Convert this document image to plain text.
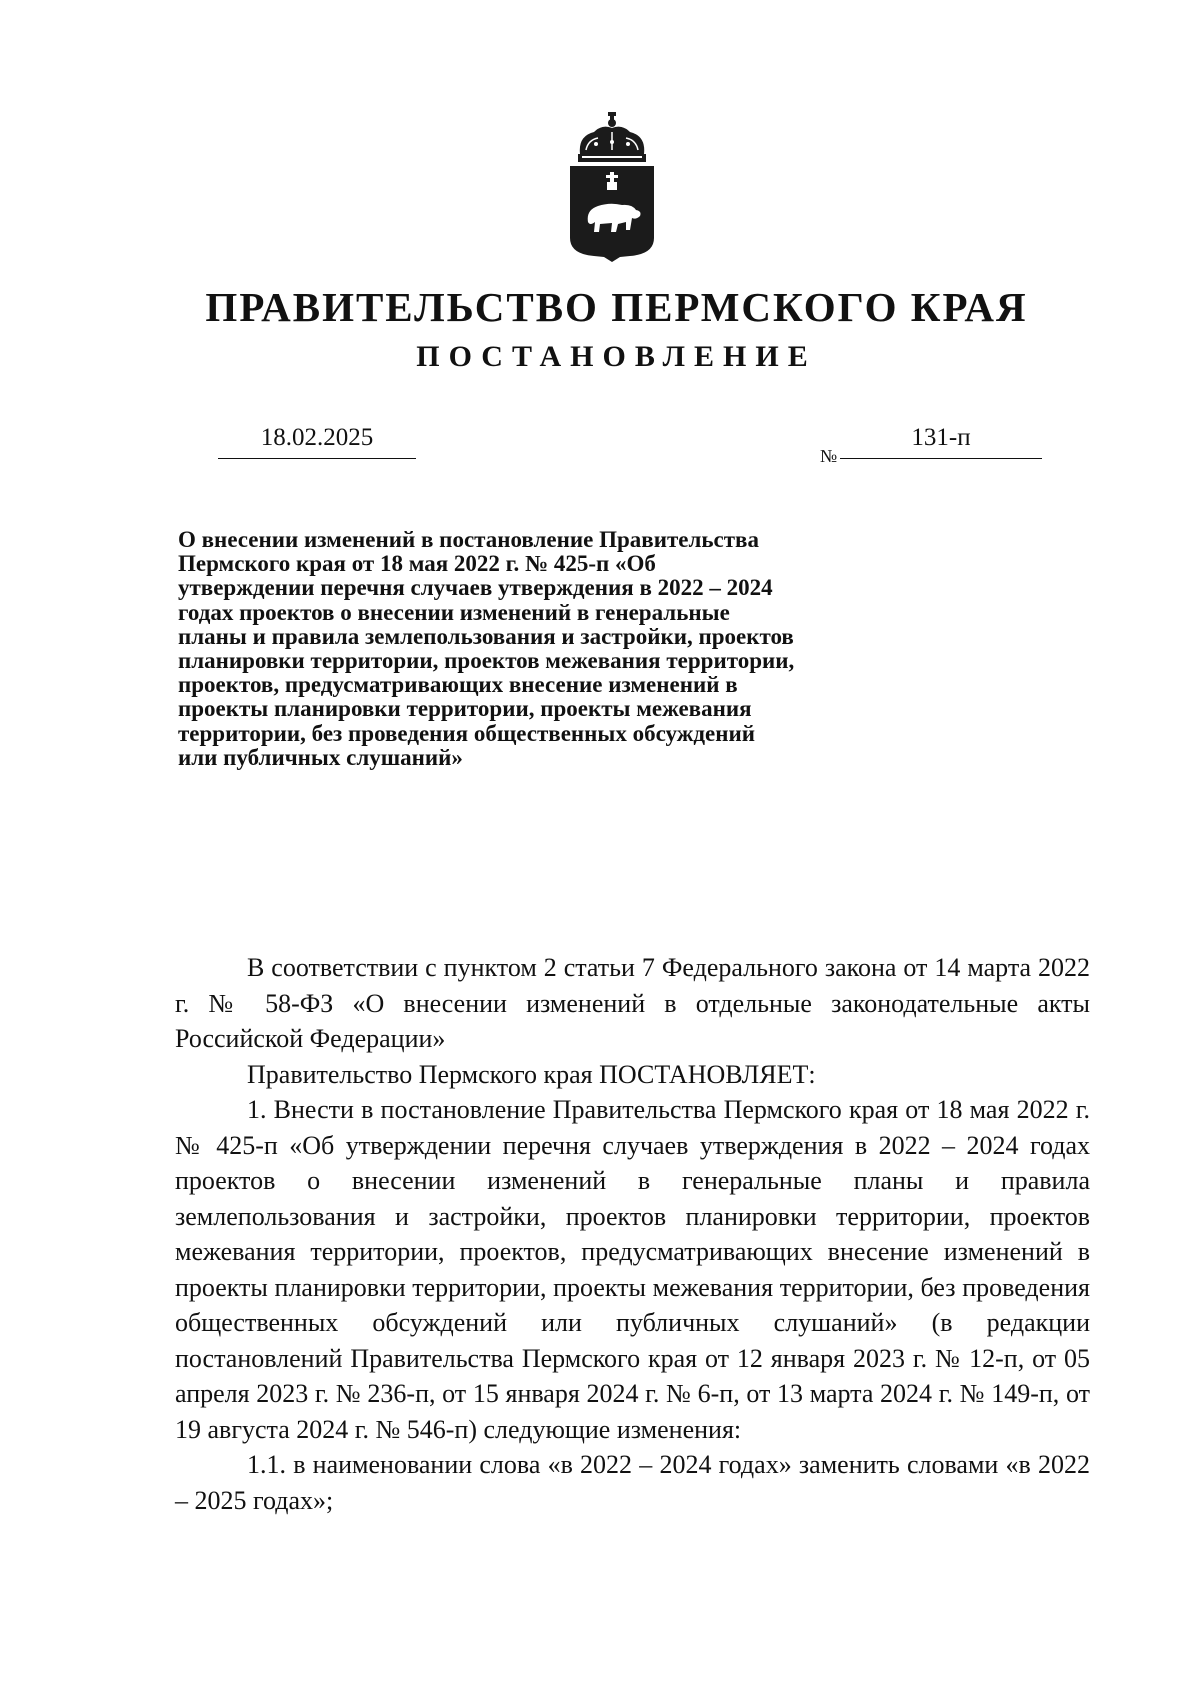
ПРАВИТЕЛЬСТВО ПЕРМСКОГО КРАЯ
ПОСТАНОВЛЕНИЕ
18.02.2025
№
131-п

О внесении изменений в постановление Правительства Пермского края от 18 мая 2022 г. № 425-п «Об утверждении перечня случаев утверждения в 2022 – 2024 годах проектов о внесении изменений в генеральные планы и правила землепользования и застройки, проектов планировки территории, проектов межевания территории, проектов, предусматривающих внесение изменений в проекты планировки территории, проекты межевания территории, без проведения общественных обсуждений или публичных слушаний»

В соответствии с пунктом 2 статьи 7 Федерального закона от 14 марта 2022 г. № 58-ФЗ «О внесении изменений в отдельные законодательные акты Российской Федерации»

Правительство Пермского края ПОСТАНОВЛЯЕТ:

1. Внести в постановление Правительства Пермского края от 18 мая 2022 г. № 425-п «Об утверждении перечня случаев утверждения в 2022 – 2024 годах проектов о внесении изменений в генеральные планы и правила землепользования и застройки, проектов планировки территории, проектов межевания территории, проектов, предусматривающих внесение изменений в проекты планировки территории, проекты межевания территории, без проведения общественных обсуждений или публичных слушаний» (в редакции постановлений Правительства Пермского края от 12 января 2023 г. № 12-п, от 05 апреля 2023 г. № 236-п, от 15 января 2024 г. № 6-п, от 13 марта 2024 г. № 149-п, от 19 августа 2024 г. № 546-п) следующие изменения:

1.1. в наименовании слова «в 2022 – 2024 годах» заменить словами «в 2022 – 2025 годах»;
